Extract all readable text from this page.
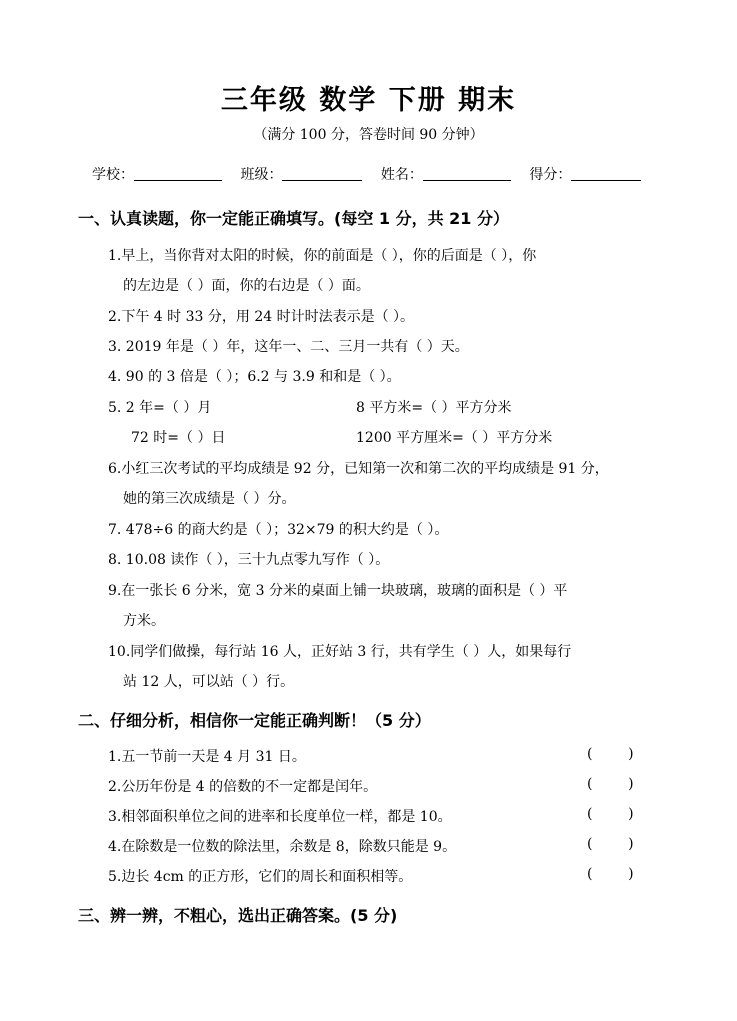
三年级 数学 下册 期末
（满分 100 分，答卷时间 90 分钟）
学校：	班级：	姓名：	得分：
一、认真读题，你一定能正确填写。(每空 1 分，共 21 分）
1.早上，当你背对太阳的时候，你的前面是（ ），你的后面是（ ），你
的左边是（ ）面，你的右边是（ ）面。
2.下午 4 时 33 分，用 24 时计时法表示是（ ）。
3. 2019 年是（ ）年，这年一、二、三月一共有（ ）天。
4. 90 的 3 倍是（ ）；6.2 与 3.9 和和是（ ）。
5. 2 年=（ ）月	8 平方米=（ ）平方分米
72 时=（ ）日	1200 平方厘米=（ ）平方分米
6.小红三次考试的平均成绩是 92 分，已知第一次和第二次的平均成绩是 91 分，
她的第三次成绩是（ ）分。
7. 478÷6 的商大约是（ ）；32×79 的积大约是（ ）。
8. 10.08 读作（ ），三十九点零九写作（ ）。
9.在一张长 6 分米，宽 3 分米的桌面上铺一块玻璃，玻璃的面积是（ ）平
方米。
10.同学们做操，每行站 16 人，正好站 3 行，共有学生（ ）人，如果每行
站 12 人，可以站（ ）行。
二、仔细分析，相信你一定能正确判断！（5 分）
1.五一节前一天是 4 月 31 日。	(        )
2.公历年份是 4 的倍数的不一定都是闰年。	(        )
3.相邻面积单位之间的进率和长度单位一样，都是 10。	(        )
4.在除数是一位数的除法里，余数是 8，除数只能是 9。	(        )
5.边长 4cm 的正方形，它们的周长和面积相等。	(        )
三、辨一辨，不粗心，选出正确答案。(5 分)
